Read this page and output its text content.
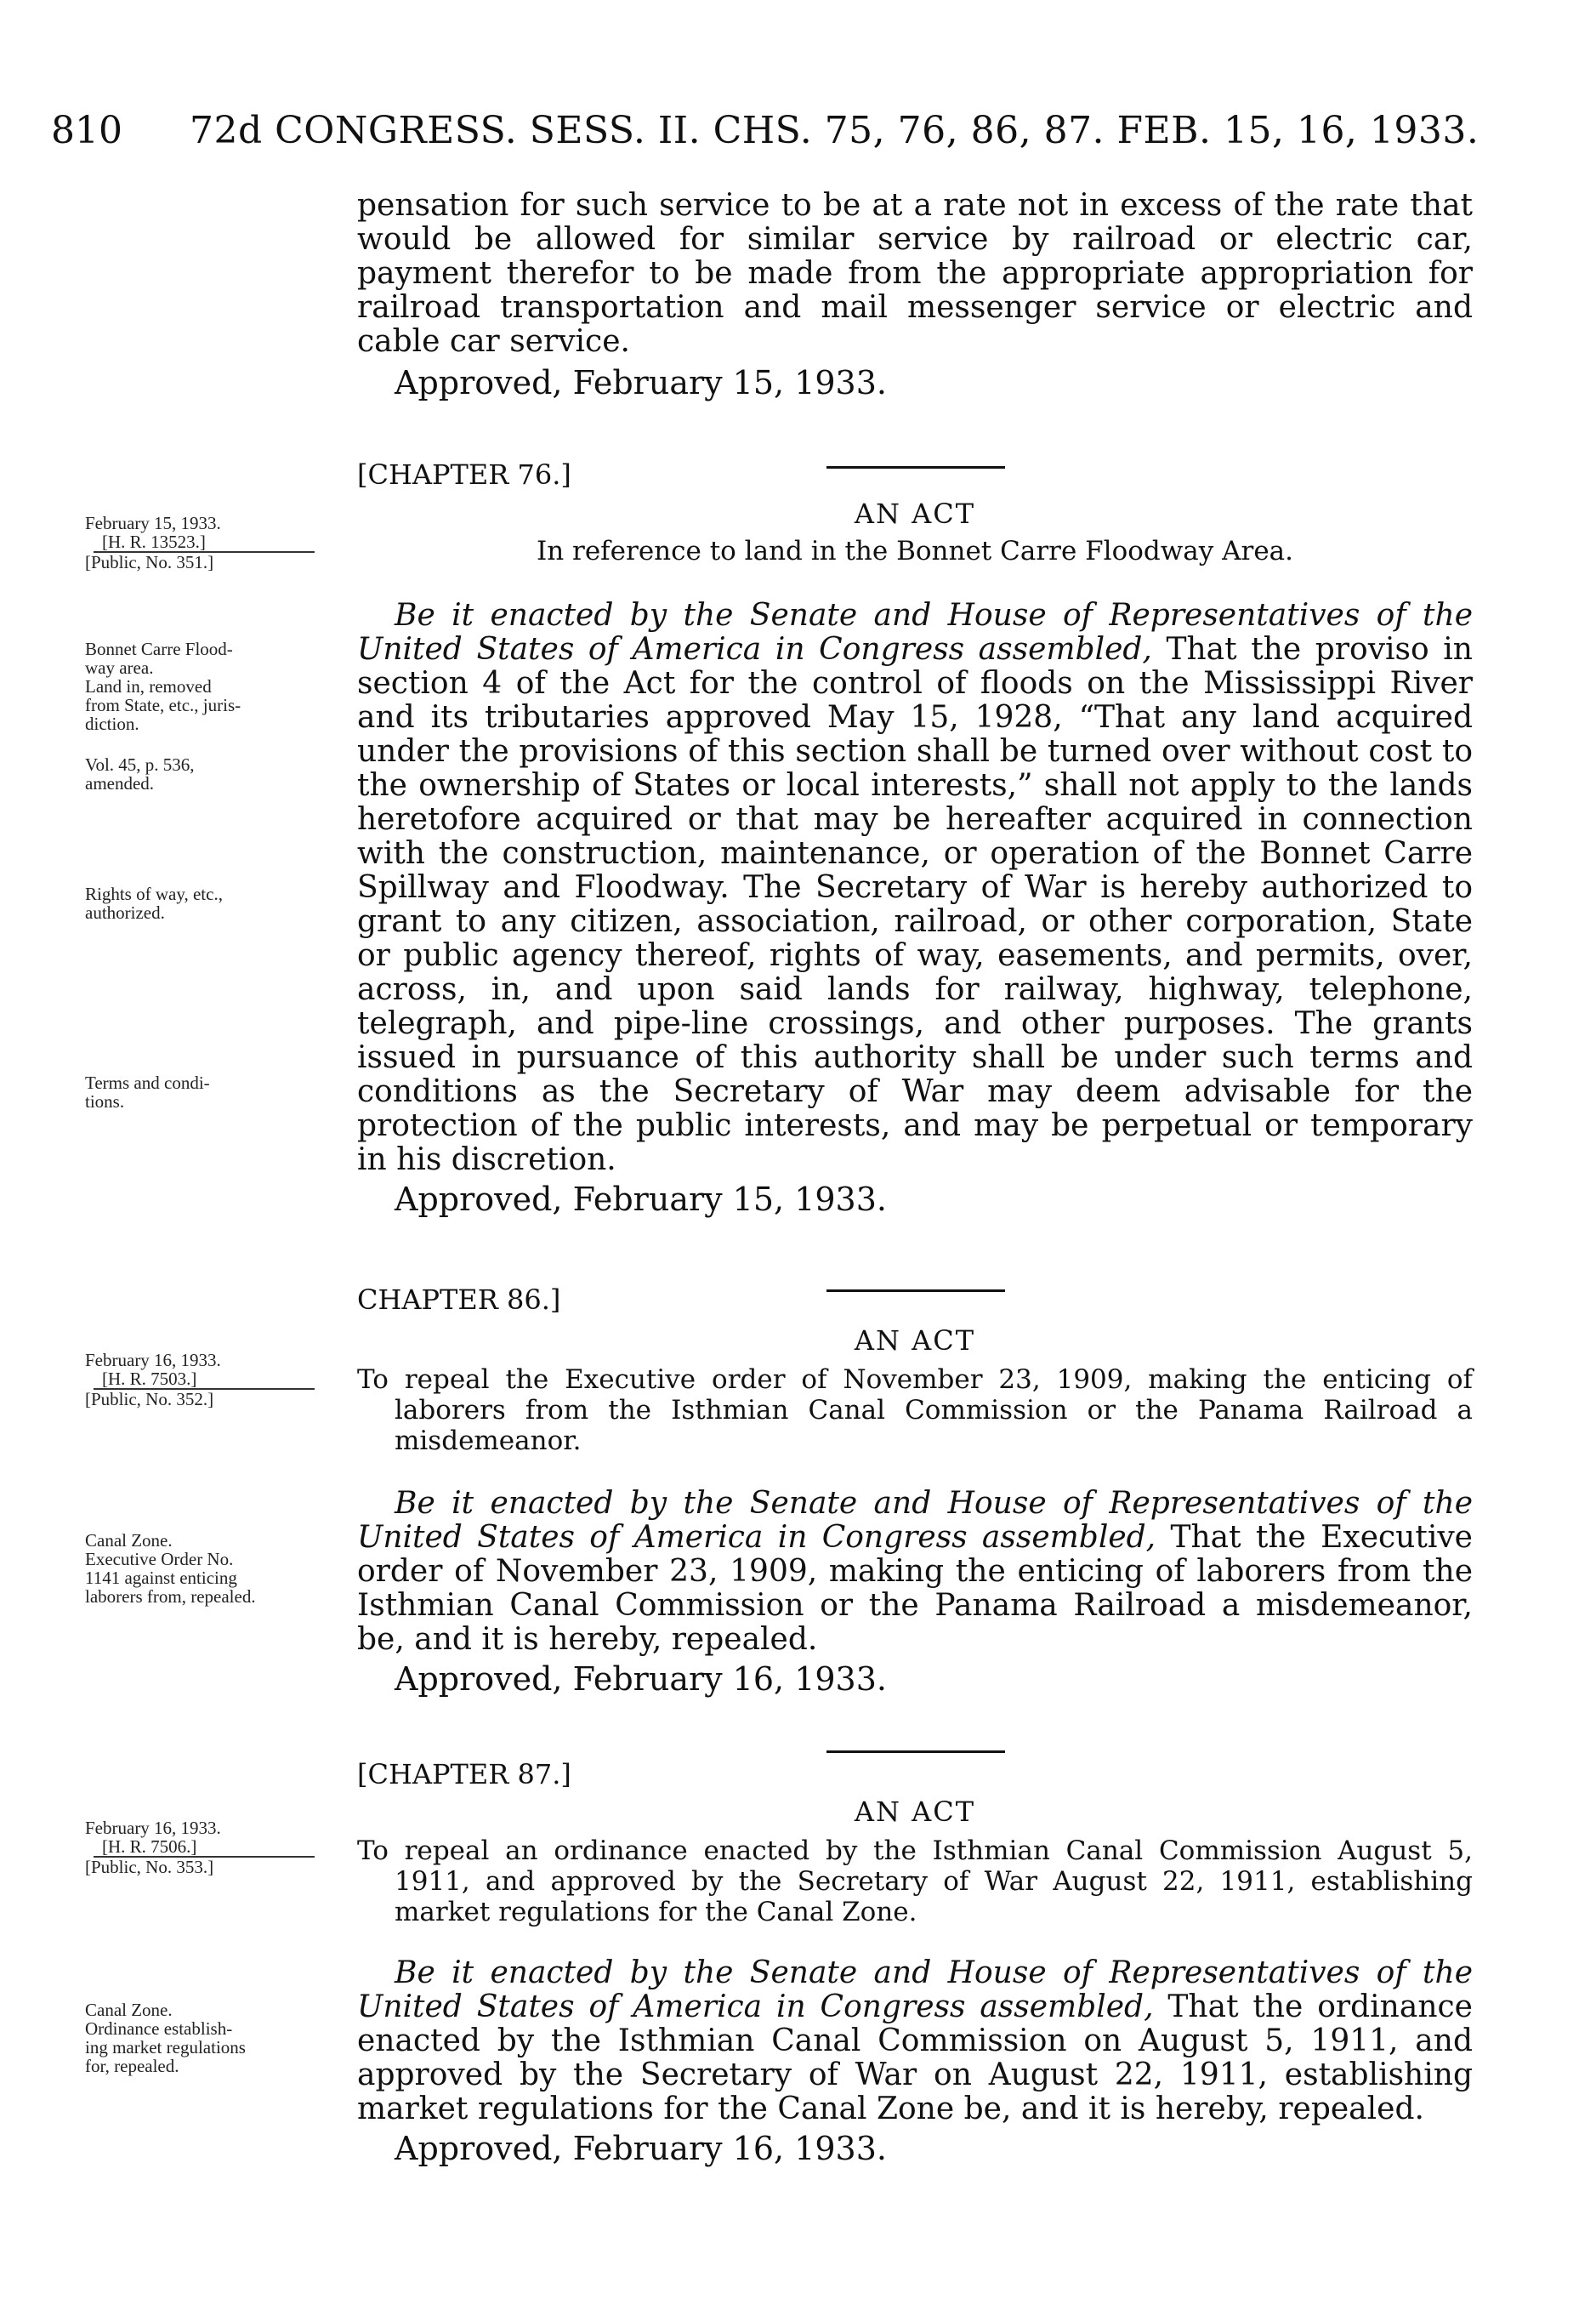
810 72d CONGRESS. SESS. II. CHS. 75, 76, 86, 87. FEB. 15, 16, 1933.

pensation for such service to be at a rate not in excess of the rate that would be allowed for similar service by railroad or electric car, payment therefor to be made from the appropriate appropriation for railroad transportation and mail messenger service or electric and cable car service.

Approved, February 15, 1933.

[CHAPTER 76.]
AN ACT

In reference to land in the Bonnet Carre Floodway Area.

February 15, 1933.
[H. R. 13523.]
[Public, No. 351.]

Be it enacted by the Senate and House of Representatives of the United States of America in Congress assembled, That the proviso in section 4 of the Act for the control of floods on the Mississippi River and its tributaries approved May 15, 1928, “That any land acquired under the provisions of this section shall be turned over without cost to the ownership of States or local interests,” shall not apply to the lands heretofore acquired or that may be hereafter acquired in connection with the construction, maintenance, or operation of the Bonnet Carre Spillway and Floodway. The Secretary of War is hereby authorized to grant to any citizen, association, railroad, or other corporation, State or public agency thereof, rights of way, easements, and permits, over, across, in, and upon said lands for railway, highway, telephone, telegraph, and pipe-line crossings, and other purposes. The grants issued in pursuance of this authority shall be under such terms and conditions as the Secretary of War may deem advisable for the protection of the public interests, and may be perpetual or temporary in his discretion.

Approved, February 15, 1933.

Bonnet Carre Flood-
way area.
Land in, removed
from State, etc., juris-
diction.
Vol. 45, p. 536,
amended.
Rights of way, etc.,
authorized.
Terms and condi-
tions.
CHAPTER 86.]
AN ACT

To repeal the Executive order of November 23, 1909, making the enticing of laborers from the Isthmian Canal Commission or the Panama Railroad a misdemeanor.

February 16, 1933.
[H. R. 7503.]
[Public, No. 352.]

Be it enacted by the Senate and House of Representatives of the United States of America in Congress assembled, That the Executive order of November 23, 1909, making the enticing of laborers from the Isthmian Canal Commission or the Panama Railroad a misdemeanor, be, and it is hereby, repealed.

Approved, February 16, 1933.

Canal Zone.
Executive Order No.
1141 against enticing
laborers from, repealed.
[CHAPTER 87.]
AN ACT

To repeal an ordinance enacted by the Isthmian Canal Commission August 5, 1911, and approved by the Secretary of War August 22, 1911, establishing market regulations for the Canal Zone.

February 16, 1933.
[H. R. 7506.]
[Public, No. 353.]

Be it enacted by the Senate and House of Representatives of the United States of America in Congress assembled, That the ordinance enacted by the Isthmian Canal Commission on August 5, 1911, and approved by the Secretary of War on August 22, 1911, establishing market regulations for the Canal Zone be, and it is hereby, repealed.

Approved, February 16, 1933.

Canal Zone.
Ordinance establish-
ing market regulations
for, repealed.
